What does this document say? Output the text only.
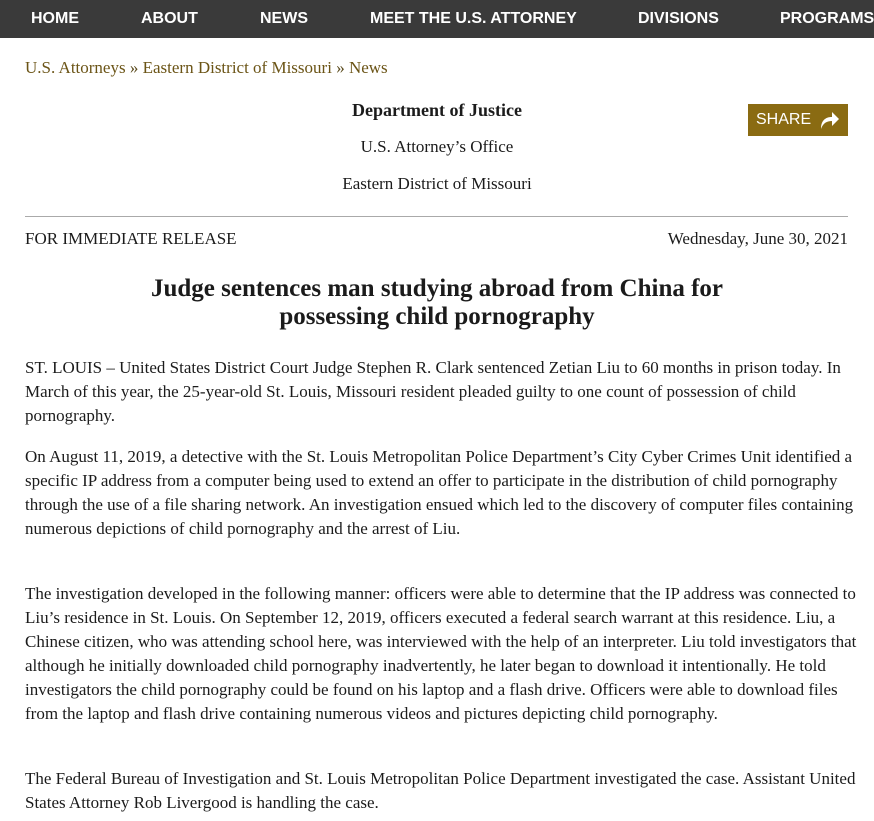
HOME	ABOUT	NEWS	MEET THE U.S. ATTORNEY	DIVISIONS	PROGRAMS
U.S. Attorneys » Eastern District of Missouri » News
Department of Justice
U.S. Attorney’s Office
Eastern District of Missouri
SHARE
FOR IMMEDIATE RELEASE	Wednesday, June 30, 2021
Judge sentences man studying abroad from China for
possessing child pornography

ST. LOUIS – United States District Court Judge Stephen R. Clark sentenced Zetian Liu to 60 months in prison today. In March of this year, the 25-year-old St. Louis, Missouri resident pleaded guilty to one count of possession of child pornography.

On August 11, 2019, a detective with the St. Louis Metropolitan Police Department’s City Cyber Crimes Unit identified a specific IP address from a computer being used to extend an offer to participate in the distribution of child pornography through the use of a file sharing network. An investigation ensued which led to the discovery of computer files containing numerous depictions of child pornography and the arrest of Liu.

The investigation developed in the following manner: officers were able to determine that the IP address was connected to Liu’s residence in St. Louis. On September 12, 2019, officers executed a federal search warrant at this residence. Liu, a Chinese citizen, who was attending school here, was interviewed with the help of an interpreter. Liu told investigators that although he initially downloaded child pornography inadvertently, he later began to download it intentionally. He told investigators the child pornography could be found on his laptop and a flash drive. Officers were able to download files from the laptop and flash drive containing numerous videos and pictures depicting child pornography.

The Federal Bureau of Investigation and St. Louis Metropolitan Police Department investigated the case. Assistant United States Attorney Rob Livergood is handling the case.
